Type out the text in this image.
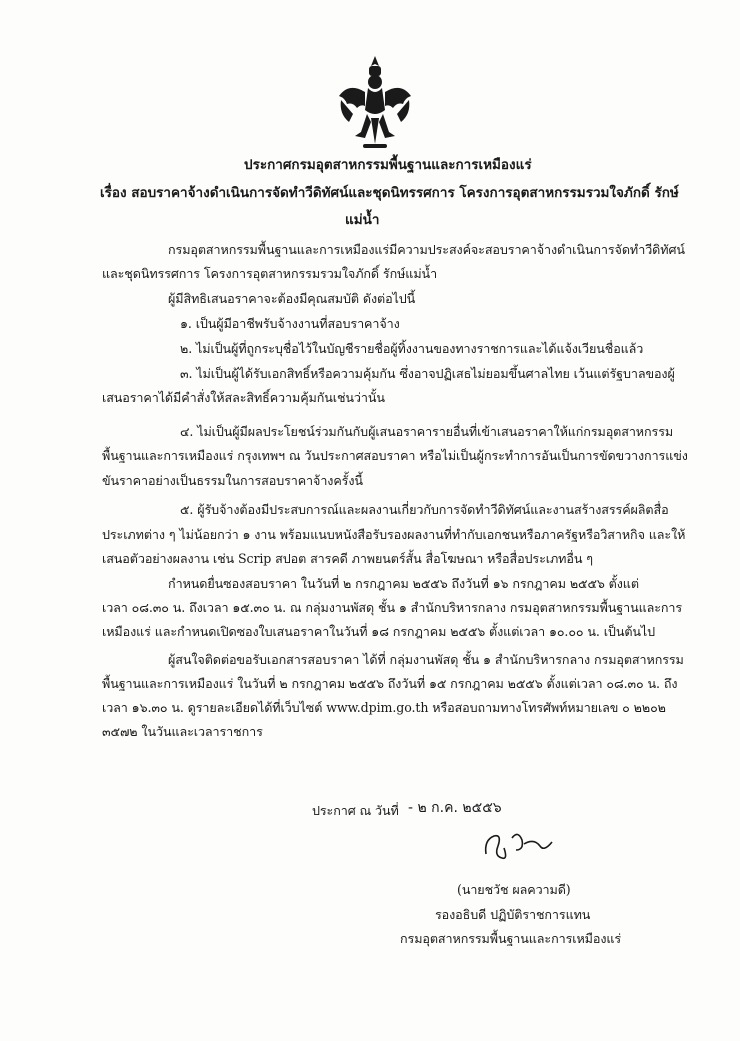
ประกาศกรมอุตสาหกรรมพื้นฐานและการเหมืองแร่
เรื่อง สอบราคาจ้างดำเนินการจัดทำวีดิทัศน์และชุดนิทรรศการ โครงการอุตสาหกรรมรวมใจภักดิ์ รักษ์
แม่น้ำ
กรมอุตสาหกรรมพื้นฐานและการเหมืองแร่มีความประสงค์จะสอบราคาจ้างดำเนินการจัดทำวีดิทัศน์
และชุดนิทรรศการ โครงการอุตสาหกรรมรวมใจภักดิ์ รักษ์แม่น้ำ
ผู้มีสิทธิเสนอราคาจะต้องมีคุณสมบัติ ดังต่อไปนี้
๑. เป็นผู้มีอาชีพรับจ้างงานที่สอบราคาจ้าง
๒. ไม่เป็นผู้ที่ถูกระบุชื่อไว้ในบัญชีรายชื่อผู้ทิ้งงานของทางราชการและได้แจ้งเวียนชื่อแล้ว
๓. ไม่เป็นผู้ได้รับเอกสิทธิ์หรือความคุ้มกัน ซึ่งอาจปฏิเสธไม่ยอมขึ้นศาลไทย เว้นแต่รัฐบาลของผู้
เสนอราคาได้มีคำสั่งให้สละสิทธิ์ความคุ้มกันเช่นว่านั้น
๔. ไม่เป็นผู้มีผลประโยชน์ร่วมกันกับผู้เสนอราคารายอื่นที่เข้าเสนอราคาให้แก่กรมอุตสาหกรรม
พื้นฐานและการเหมืองแร่ กรุงเทพฯ ณ วันประกาศสอบราคา หรือไม่เป็นผู้กระทำการอันเป็นการขัดขวางการแข่ง
ขันราคาอย่างเป็นธรรมในการสอบราคาจ้างครั้งนี้
๕. ผู้รับจ้างต้องมีประสบการณ์และผลงานเกี่ยวกับการจัดทำวีดิทัศน์และงานสร้างสรรค์ผลิตสื่อ
ประเภทต่าง ๆ ไม่น้อยกว่า ๑ งาน พร้อมแนบหนังสือรับรองผลงานที่ทำกับเอกชนหรือภาครัฐหรือวิสาหกิจ และให้
เสนอตัวอย่างผลงาน เช่น Scrip สปอต สารคดี ภาพยนตร์สั้น สื่อโฆษณา หรือสื่อประเภทอื่น ๆ
กำหนดยื่นซองสอบราคา ในวันที่ ๒ กรกฎาคม ๒๕๕๖ ถึงวันที่ ๑๖ กรกฎาคม ๒๕๕๖ ตั้งแต่
เวลา ๐๘.๓๐ น. ถึงเวลา ๑๕.๓๐ น. ณ กลุ่มงานพัสดุ ชั้น ๑ สำนักบริหารกลาง กรมอุตสาหกรรมพื้นฐานและการ
เหมืองแร่ และกำหนดเปิดซองใบเสนอราคาในวันที่ ๑๘ กรกฎาคม ๒๕๕๖ ตั้งแต่เวลา ๑๐.๐๐ น. เป็นต้นไป
ผู้สนใจติดต่อขอรับเอกสารสอบราคา ได้ที่ กลุ่มงานพัสดุ ชั้น ๑ สำนักบริหารกลาง กรมอุตสาหกรรม
พื้นฐานและการเหมืองแร่ ในวันที่ ๒ กรกฎาคม ๒๕๕๖ ถึงวันที่ ๑๕ กรกฎาคม ๒๕๕๖ ตั้งแต่เวลา ๐๘.๓๐ น. ถึง
เวลา ๑๖.๓๐ น. ดูรายละเอียดได้ที่เว็บไซต์ www.dpim.go.th หรือสอบถามทางโทรศัพท์หมายเลข ๐ ๒๒๐๒
๓๕๗๒ ในวันและเวลาราชการ
ประกาศ ณ วันที่ - ๒ ก.ค. ๒๕๕๖
(นายชวัช ผลความดี)
รองอธิบดี ปฏิบัติราชการแทน
กรมอุตสาหกรรมพื้นฐานและการเหมืองแร่
